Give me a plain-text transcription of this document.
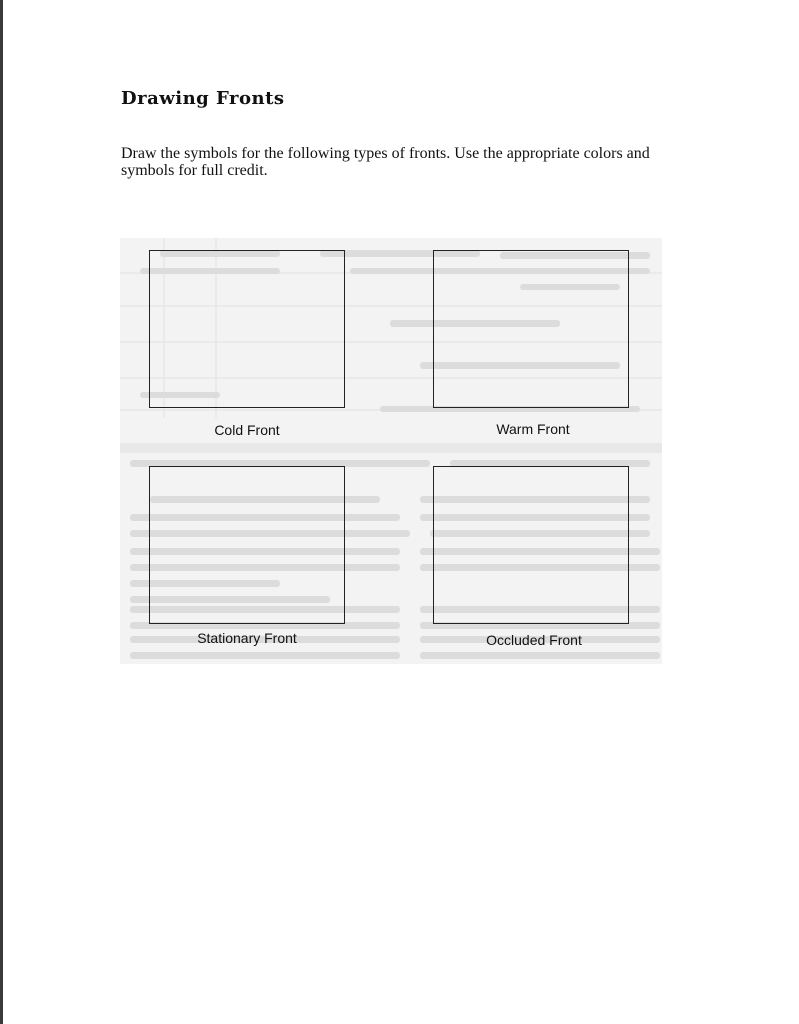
Drawing Fronts

Draw the symbols for the following types of fronts. Use the appropriate colors and symbols for full credit.

Cold Front	Warm Front
Stationary Front	Occluded Front
